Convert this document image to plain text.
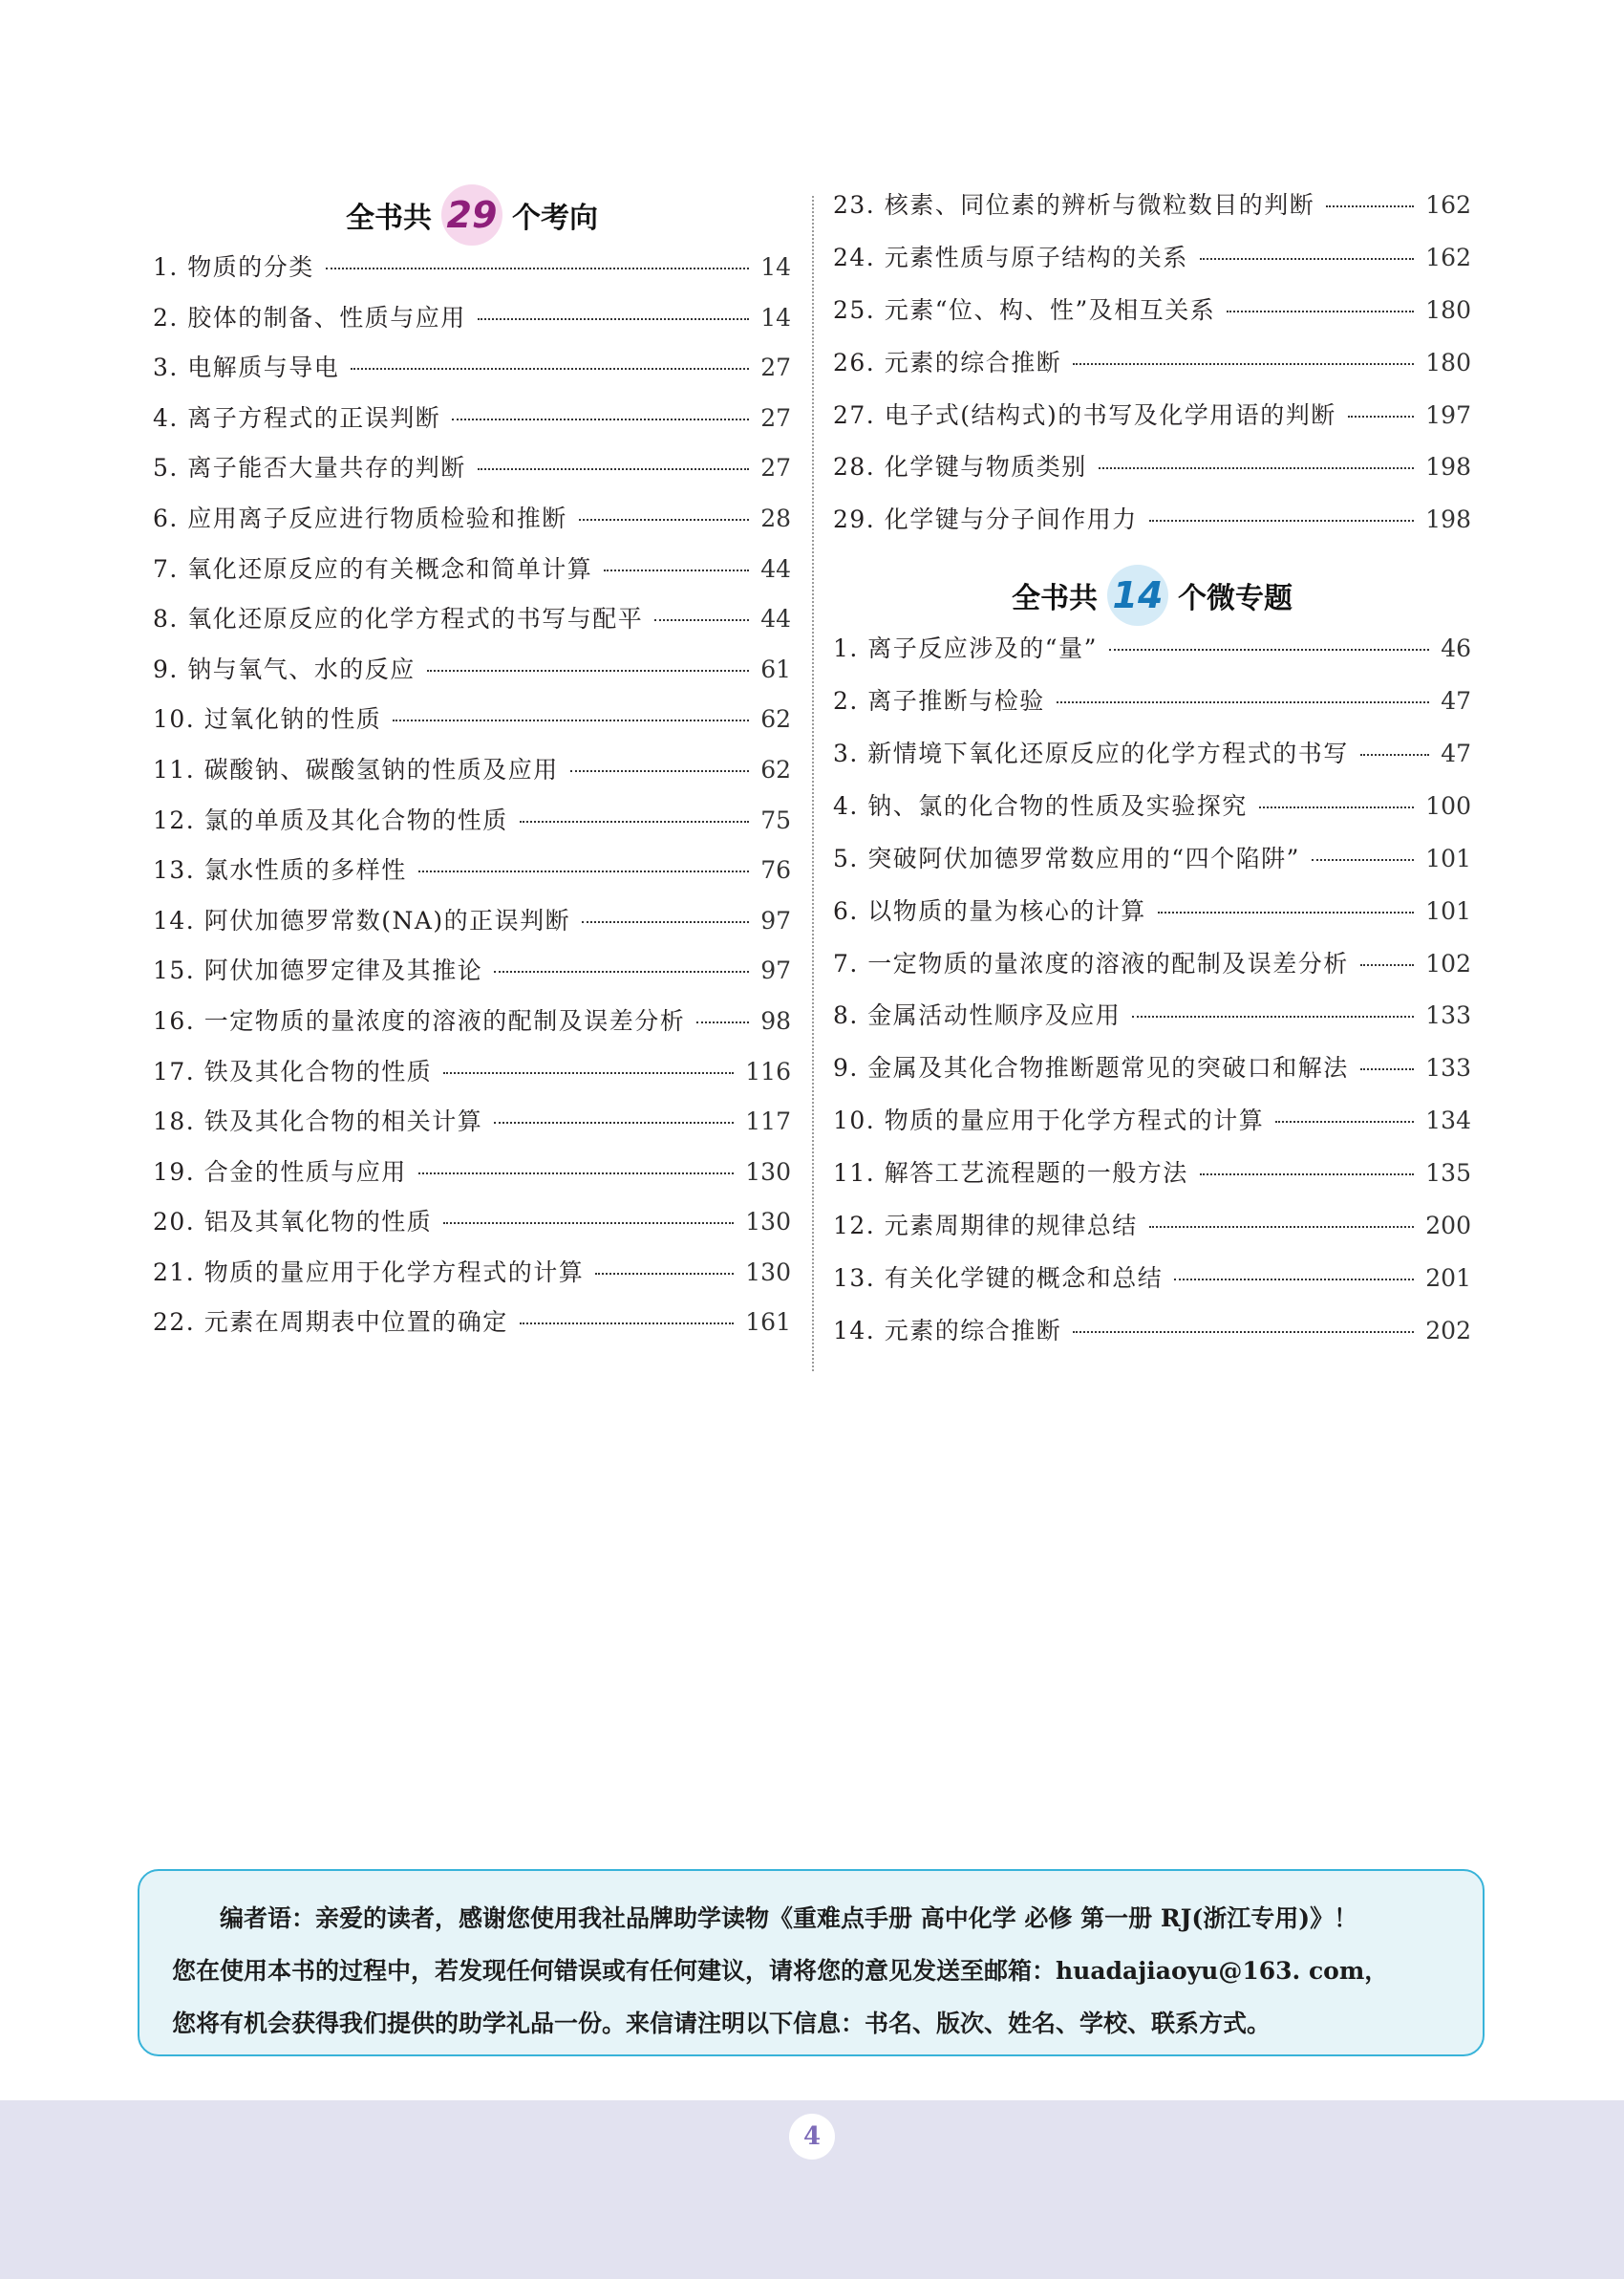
全书共 29 个考向
1. 物质的分类	14
2. 胶体的制备、性质与应用	14
3. 电解质与导电	27
4. 离子方程式的正误判断	27
5. 离子能否大量共存的判断	27
6. 应用离子反应进行物质检验和推断	28
7. 氧化还原反应的有关概念和简单计算	44
8. 氧化还原反应的化学方程式的书写与配平	44
9. 钠与氧气、水的反应	61
10. 过氧化钠的性质	62
11. 碳酸钠、碳酸氢钠的性质及应用	62
12. 氯的单质及其化合物的性质	75
13. 氯水性质的多样性	76
14. 阿伏加德罗常数(NA)的正误判断	97
15. 阿伏加德罗定律及其推论	97
16. 一定物质的量浓度的溶液的配制及误差分析	98
17. 铁及其化合物的性质	116
18. 铁及其化合物的相关计算	117
19. 合金的性质与应用	130
20. 铝及其氧化物的性质	130
21. 物质的量应用于化学方程式的计算	130
22. 元素在周期表中位置的确定	161
23. 核素、同位素的辨析与微粒数目的判断	162
24. 元素性质与原子结构的关系	162
25. 元素“位、构、性”及相互关系	180
26. 元素的综合推断	180
27. 电子式(结构式)的书写及化学用语的判断	197
28. 化学键与物质类别	198
29. 化学键与分子间作用力	198
全书共 14 个微专题
1. 离子反应涉及的“量”	46
2. 离子推断与检验	47
3. 新情境下氧化还原反应的化学方程式的书写	47
4. 钠、氯的化合物的性质及实验探究	100
5. 突破阿伏加德罗常数应用的“四个陷阱”	101
6. 以物质的量为核心的计算	101
7. 一定物质的量浓度的溶液的配制及误差分析	102
8. 金属活动性顺序及应用	133
9. 金属及其化合物推断题常见的突破口和解法	133
10. 物质的量应用于化学方程式的计算	134
11. 解答工艺流程题的一般方法	135
12. 元素周期律的规律总结	200
13. 有关化学键的概念和总结	201
14. 元素的综合推断	202
编者语：亲爱的读者，感谢您使用我社品牌助学读物《重难点手册 高中化学 必修 第一册 RJ(浙江专用)》！
您在使用本书的过程中，若发现任何错误或有任何建议，请将您的意见发送至邮箱：huadajiaoyu@163. com，
您将有机会获得我们提供的助学礼品一份。来信请注明以下信息：书名、版次、姓名、学校、联系方式。
4
